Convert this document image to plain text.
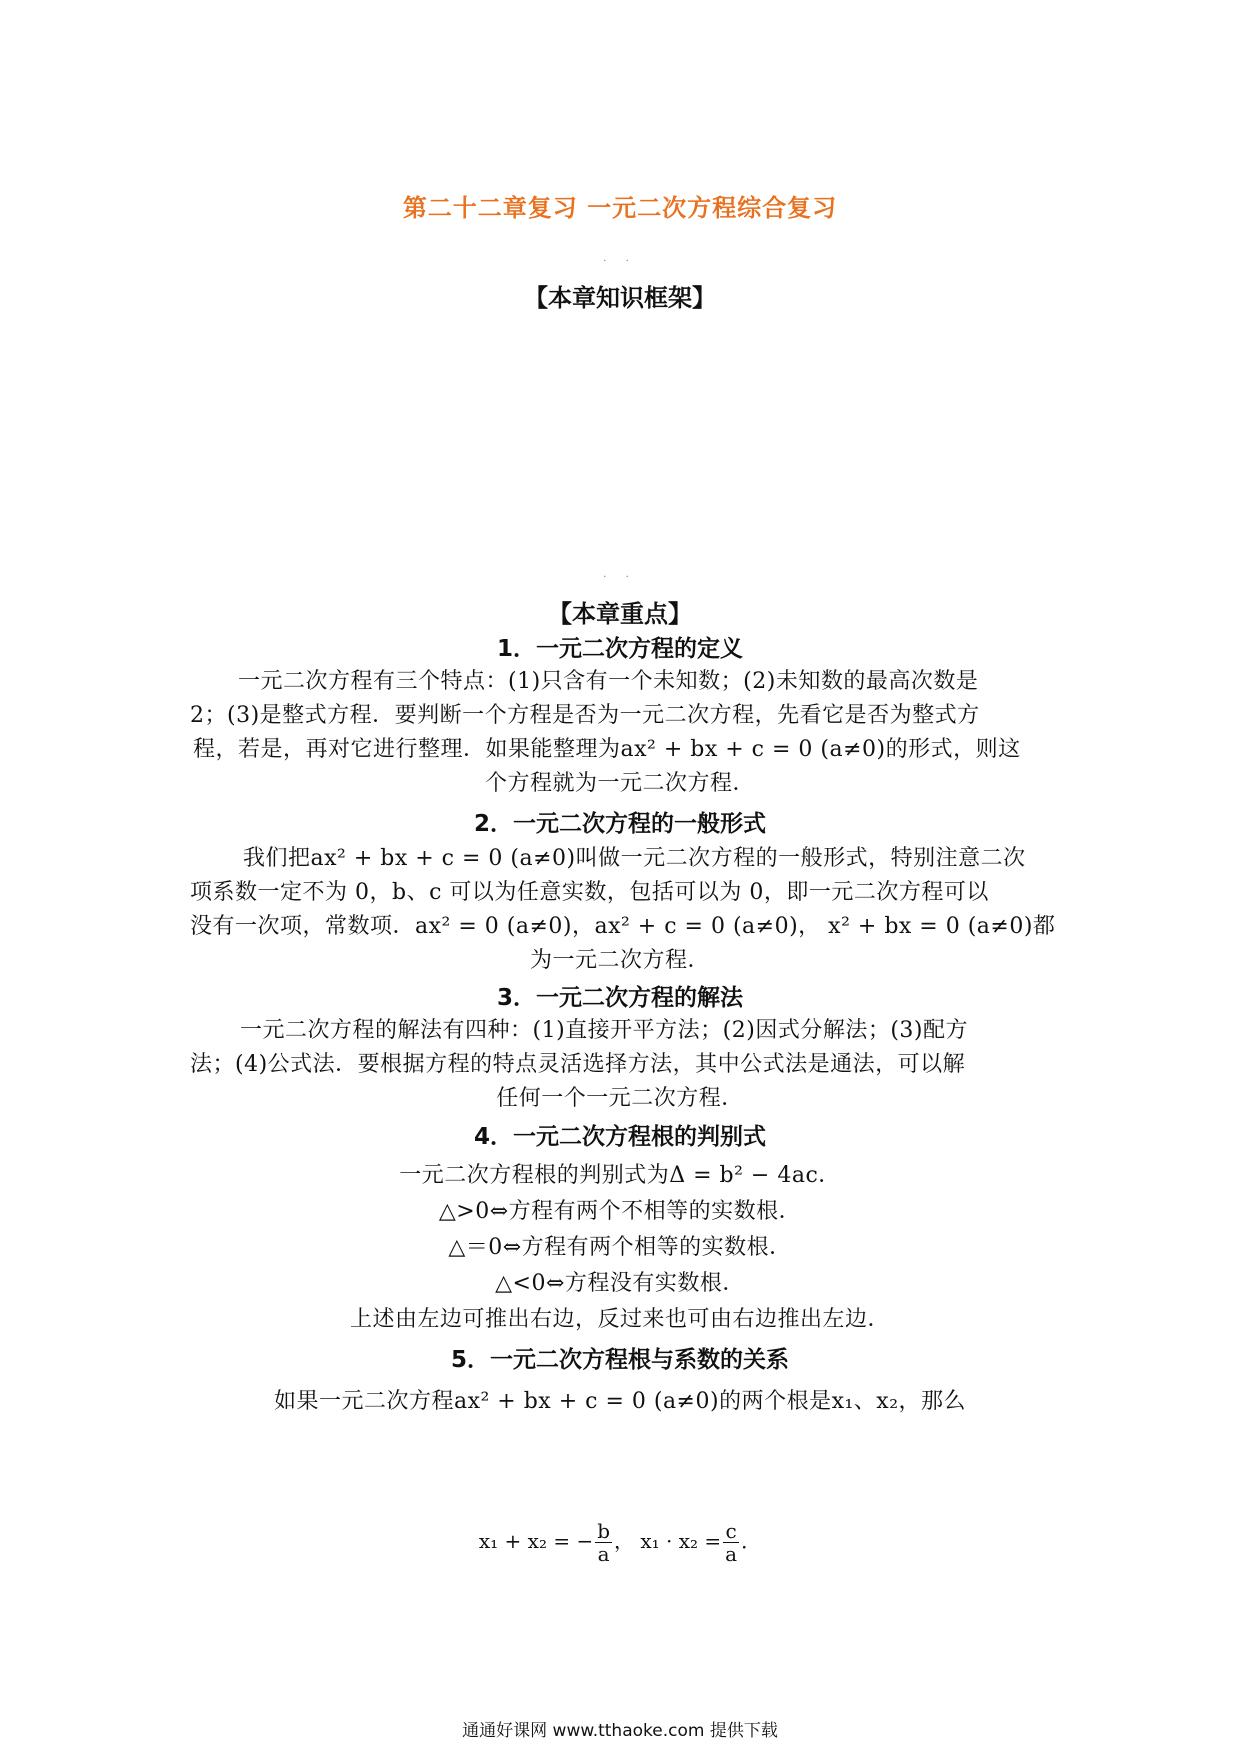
第二十二章复习 一元二次方程综合复习
· ·
【本章知识框架】
· ·
【本章重点】
1．一元二次方程的定义
一元二次方程有三个特点：(1)只含有一个未知数；(2)未知数的最高次数是
2；(3)是整式方程．要判断一个方程是否为一元二次方程，先看它是否为整式方
程，若是，再对它进行整理．如果能整理为ax² + bx + c = 0 (a≠0)的形式，则这
个方程就为一元二次方程．
2．一元二次方程的一般形式
我们把ax² + bx + c = 0 (a≠0)叫做一元二次方程的一般形式，特别注意二次
项系数一定不为 0，b、c 可以为任意实数，包括可以为 0，即一元二次方程可以
没有一次项，常数项．ax² = 0 (a≠0)，ax² + c = 0 (a≠0)， x² + bx = 0 (a≠0)都
为一元二次方程．
3．一元二次方程的解法
一元二次方程的解法有四种：(1)直接开平方法；(2)因式分解法；(3)配方
法；(4)公式法．要根据方程的特点灵活选择方法，其中公式法是通法，可以解
任何一个一元二次方程．
4．一元二次方程根的判别式
一元二次方程根的判别式为Δ = b² − 4ac．
△>0⇔方程有两个不相等的实数根．
△＝0⇔方程有两个相等的实数根．
△<0⇔方程没有实数根．
上述由左边可推出右边，反过来也可由右边推出左边．
5．一元二次方程根与系数的关系
如果一元二次方程ax² + bx + c = 0 (a≠0)的两个根是x₁、x₂，那么
x₁ + x₂ = − $\frac{b}{a}$ ， $x_1 \cdot x_2 = \frac{c}{a}$ ．
通通好课网 www.tthaoke.com 提供下载
